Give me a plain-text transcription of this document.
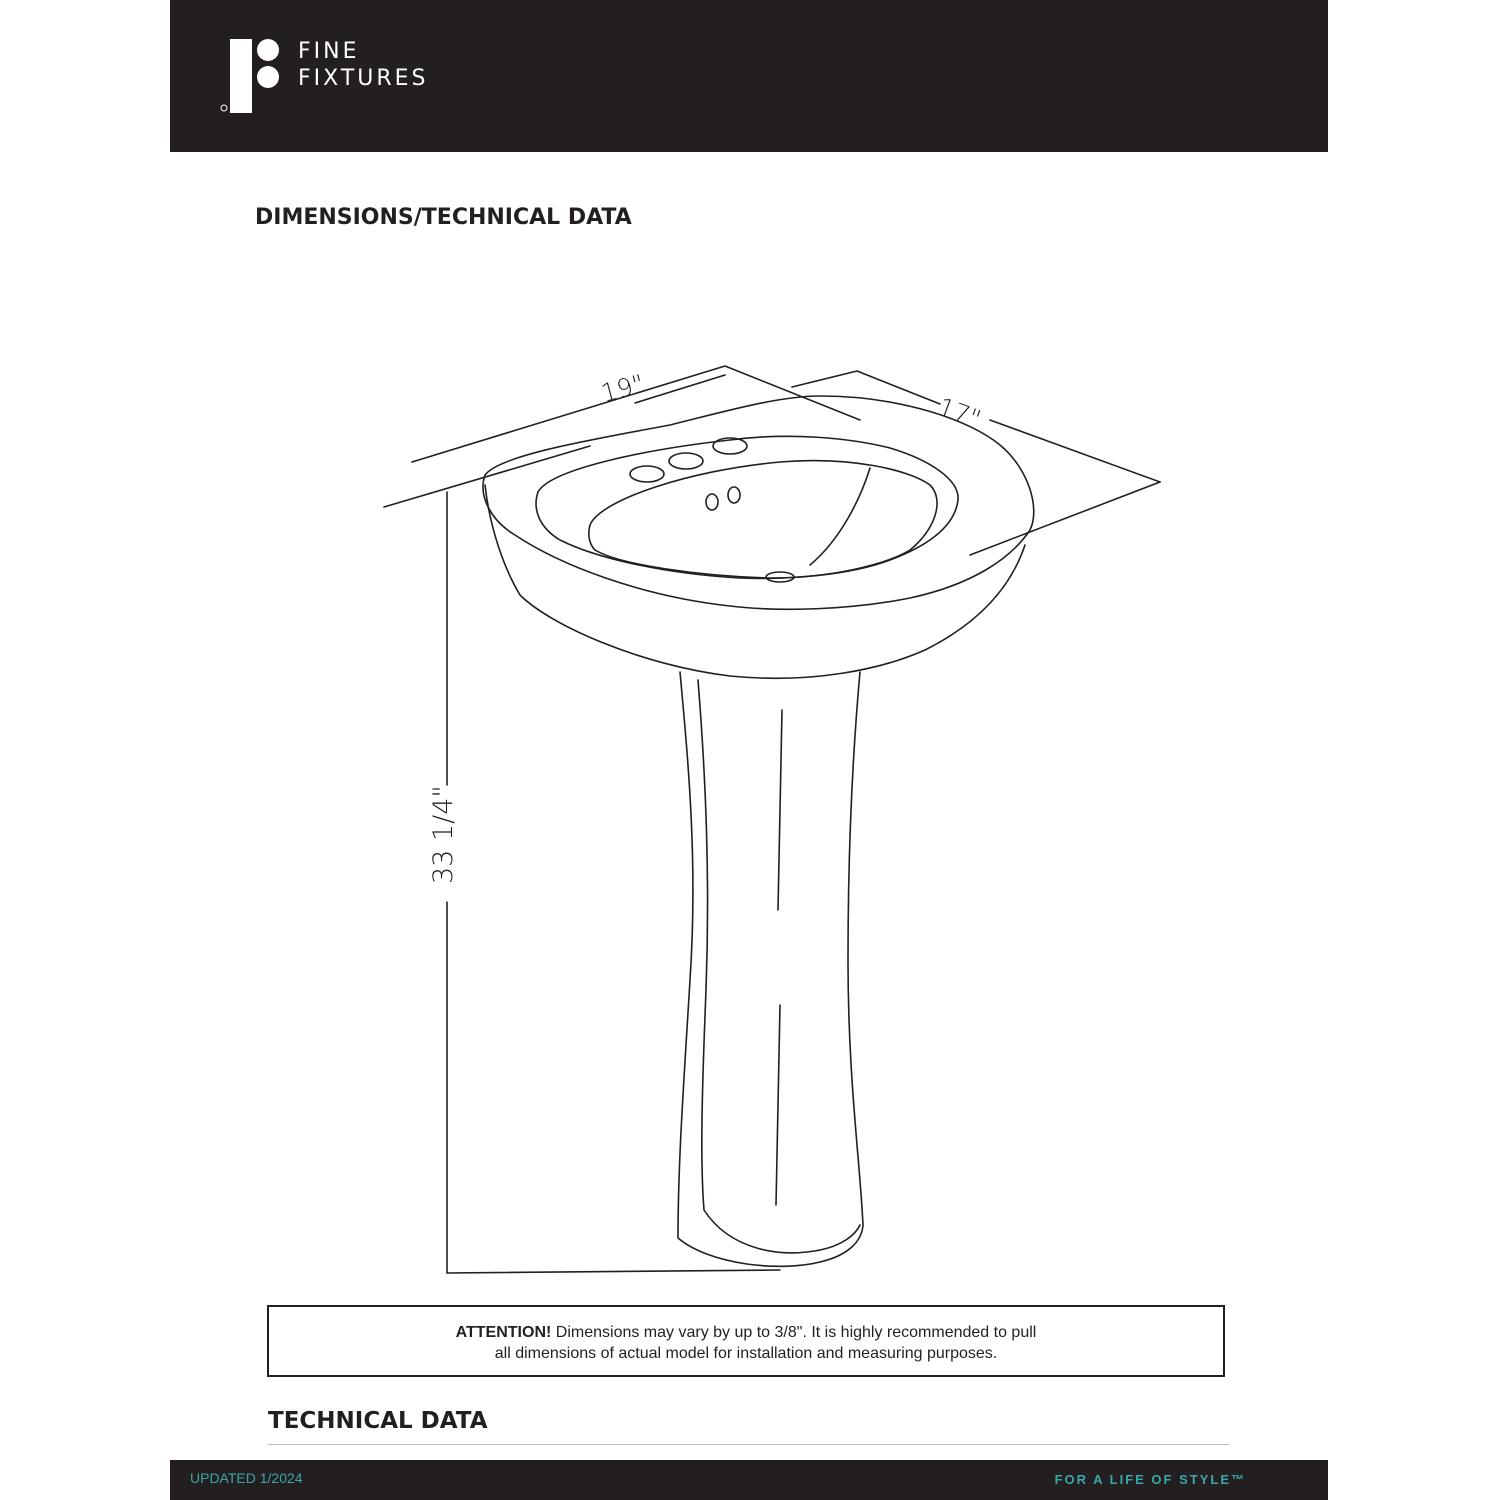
FINE
FIXTURES
DIMENSIONS/TECHNICAL DATA
19"
17"
33 1/4"
ATTENTION! Dimensions may vary by up to 3/8". It is highly recommended to pull
all dimensions of actual model for installation and measuring purposes.
TECHNICAL DATA
UPDATED 1/2024	FOR A LIFE OF STYLE™
